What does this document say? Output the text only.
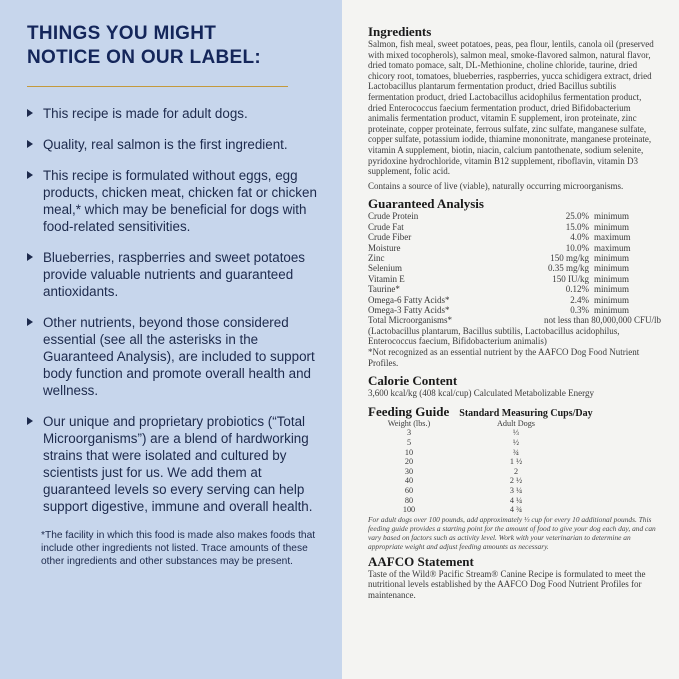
THINGS YOU MIGHT
NOTICE ON OUR LABEL:
This recipe is made for adult dogs.
Quality, real salmon is the first ingredient.
This recipe is formulated without eggs, egg products, chicken meat, chicken fat or chicken meal,* which may be beneficial for dogs with food-related sensitivities.
Blueberries, raspberries and sweet potatoes provide valuable nutrients and guaranteed antioxidants.
Other nutrients, beyond those considered essential (see all the asterisks in the Guaranteed Analysis), are included to support body function and promote overall health and wellness.
Our unique and proprietary probiotics (“Total Microorganisms”) are a blend of hardworking strains that were isolated and cultured by scientists just for us. We add them at guaranteed levels so every serving can help support digestive, immune and overall health.

*The facility in which this food is made also makes foods that include other ingredients not listed. Trace amounts of these other ingredients and other substances may be present.

Ingredients

Salmon, fish meal, sweet potatoes, peas, pea flour, lentils, canola oil (preserved with mixed tocopherols), salmon meal, smoke-flavored salmon, natural flavor, dried tomato pomace, salt, DL-Methionine, choline chloride, taurine, dried chicory root, tomatoes, blueberries, raspberries, yucca schidigera extract, dried Lactobacillus plantarum fermentation product, dried Bacillus subtilis fermentation product, dried Lactobacillus acidophilus fermentation product, dried Enterococcus faecium fermentation product, dried Bifidobacterium animalis fermentation product, vitamin E supplement, iron proteinate, zinc proteinate, copper proteinate, ferrous sulfate, zinc sulfate, manganese sulfate, copper sulfate, potassium iodide, thiamine mononitrate, manganese proteinate, vitamin A supplement, biotin, niacin, calcium pantothenate, sodium selenite, pyridoxine hydrochloride, vitamin B12 supplement, riboflavin, vitamin D3 supplement, folic acid.

Contains a source of live (viable), naturally occurring microorganisms.

Guaranteed Analysis
Crude Protein	25.0%	minimum
Crude Fat	15.0%	minimum
Crude Fiber	4.0%	maximum
Moisture	10.0%	maximum
Zinc	150 mg/kg	minimum
Selenium	0.35 mg/kg	minimum
Vitamin E	150 IU/kg	minimum
Taurine*	0.12%	minimum
Omega-6 Fatty Acids*	2.4%	minimum
Omega-3 Fatty Acids*	0.3%	minimum
Total Microorganisms*	not less than 80,000,000 CFU/lb

(Lactobacillus plantarum, Bacillus subtilis, Lactobacillus acidophilus, Enterococcus faecium, Bifidobacterium animalis)

*Not recognized as an essential nutrient by the AAFCO Dog Food Nutrient Profiles.

Calorie Content

3,600 kcal/kg (408 kcal/cup) Calculated Metabolizable Energy

Feeding Guide Standard Measuring Cups/Day
Weight (lbs.)	Adult Dogs
3	⅓
5	½
10	¾
20	1 ½
30	2
40	2 ½
60	3 ¼
80	4 ¼
100	4 ¾

For adult dogs over 100 pounds, add approximately ⅓ cup for every 10 additional pounds. This feeding guide provides a starting point for the amount of food to give your dog each day, and can vary based on factors such as activity level. Work with your veterinarian to determine an appropriate weight and adjust feeding amounts as necessary.

AAFCO Statement

Taste of the Wild® Pacific Stream® Canine Recipe is formulated to meet the nutritional levels established by the AAFCO Dog Food Nutrient Profiles for maintenance.
